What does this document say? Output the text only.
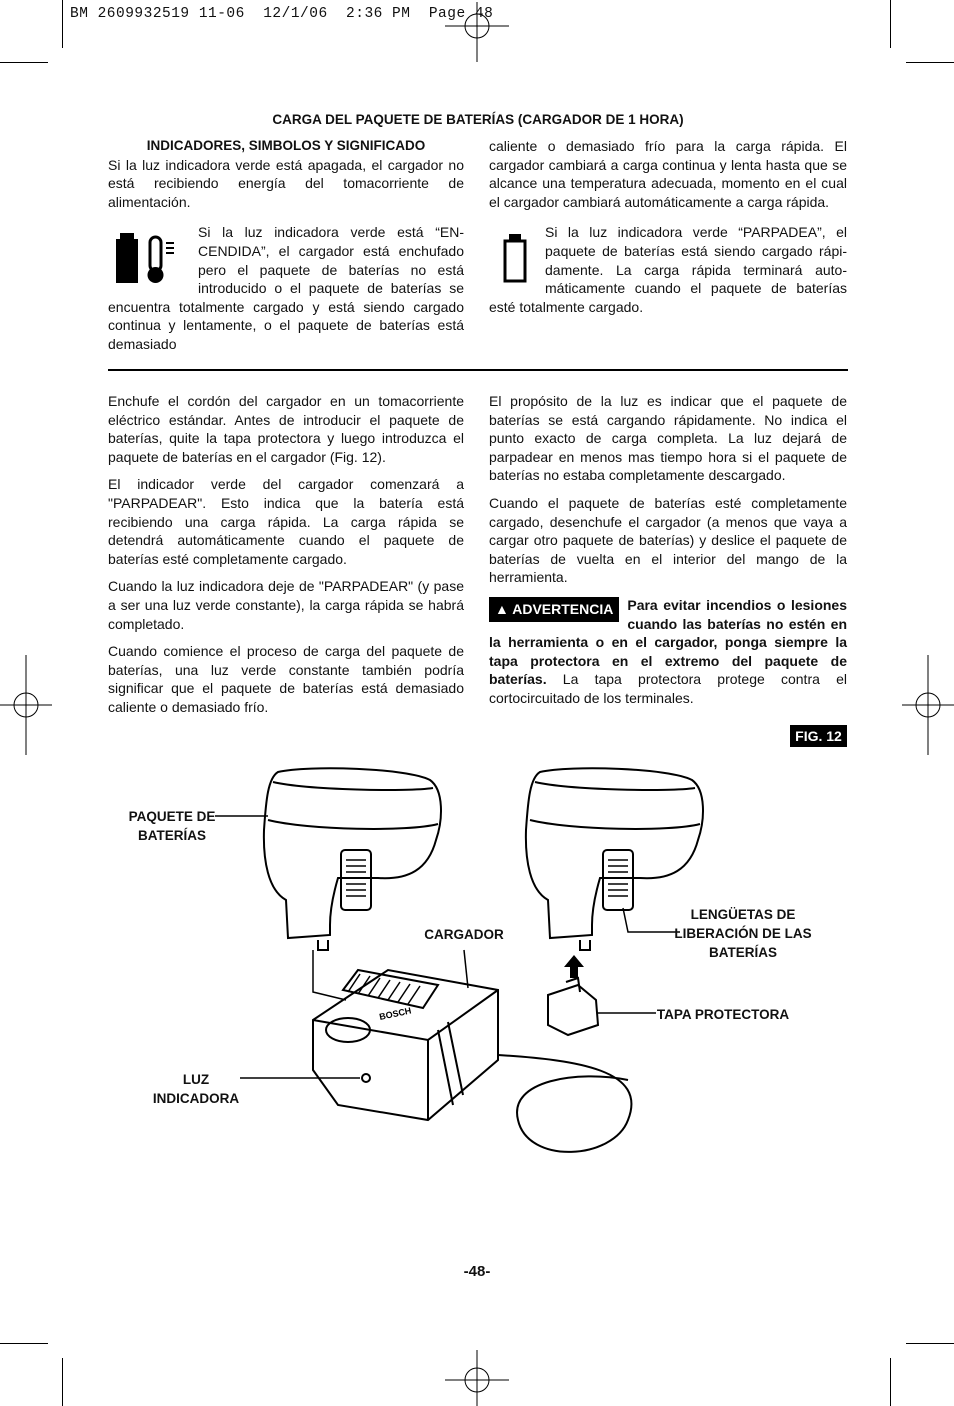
BM 2609932519 11-06  12/1/06  2:36 PM  Page 48
CARGA DEL PAQUETE DE BATERÍAS (CARGADOR DE 1 HORA)
INDICADORES, SIMBOLOS Y SIGNIFICADO

Si la luz indicadora verde está apagada, el cargador no está recibiendo energía del tomacorriente de alimentación.

Si la luz indicadora verde está “EN-CENDIDA”, el cargador está enchufado pero el paquete de baterías no está introducido o el paquete de baterías se encuentra totalmente cargado y está siendo cargado continua y lentamente, o el paquete de baterías está demasiado

caliente o demasiado frío para la carga rápida. El cargador cambiará a carga continua y lenta hasta que se alcance una temperatura adecuada, momento en el cual el cargador cambiará automáticamente a carga rápida.

Si la luz indicadora verde “PARPADEA”, el paquete de baterías está siendo cargado rápi-damente. La carga rápida terminará auto-máticamente cuando el paquete de baterías esté totalmente cargado.

Enchufe el cordón del cargador en un tomacorriente eléctrico estándar. Antes de introducir el paquete de baterías, quite la tapa protectora y luego introduzca el paquete de baterías en el cargador (Fig. 12).

El indicador verde del cargador comenzará a "PARPADEAR". Esto indica que la batería está recibiendo una carga rápida. La carga rápida se detendrá automáticamente cuando el paquete de baterías esté completamente cargado.

Cuando la luz indicadora deje de "PARPADEAR" (y pase a ser una luz verde constante), la carga rápida se habrá completado.

Cuando comience el proceso de carga del paquete de baterías, una luz verde constante también podría significar que el paquete de baterías está demasiado caliente o demasiado frío.

El propósito de la luz es indicar que el paquete de baterías se está cargando rápidamente. No indica el punto exacto de carga completa. La luz dejará de parpadear en menos mas tiempo hora si el paquete de baterías no estaba completamente descargado.

Cuando el paquete de baterías esté completamente cargado, desenchufe el cargador (a menos que vaya a cargar otro paquete de baterías) y deslice el paquete de baterías de vuelta en el interior del mango de la herramienta.

▲ ADVERTENCIA	Para evitar incendios o lesiones cuando las baterías no estén en la herramienta o en el cargador, ponga siempre la tapa protectora en el extremo del paquete de baterías. La tapa protectora protege contra el cortocircuitado de los terminales.
FIG. 12
BOSCH
PAQUETE DE BATERÍAS
CARGADOR
LENGÜETAS DE LIBERACIÓN DE LAS BATERÍAS
TAPA PROTECTORA
LUZ INDICADORA
-48-
